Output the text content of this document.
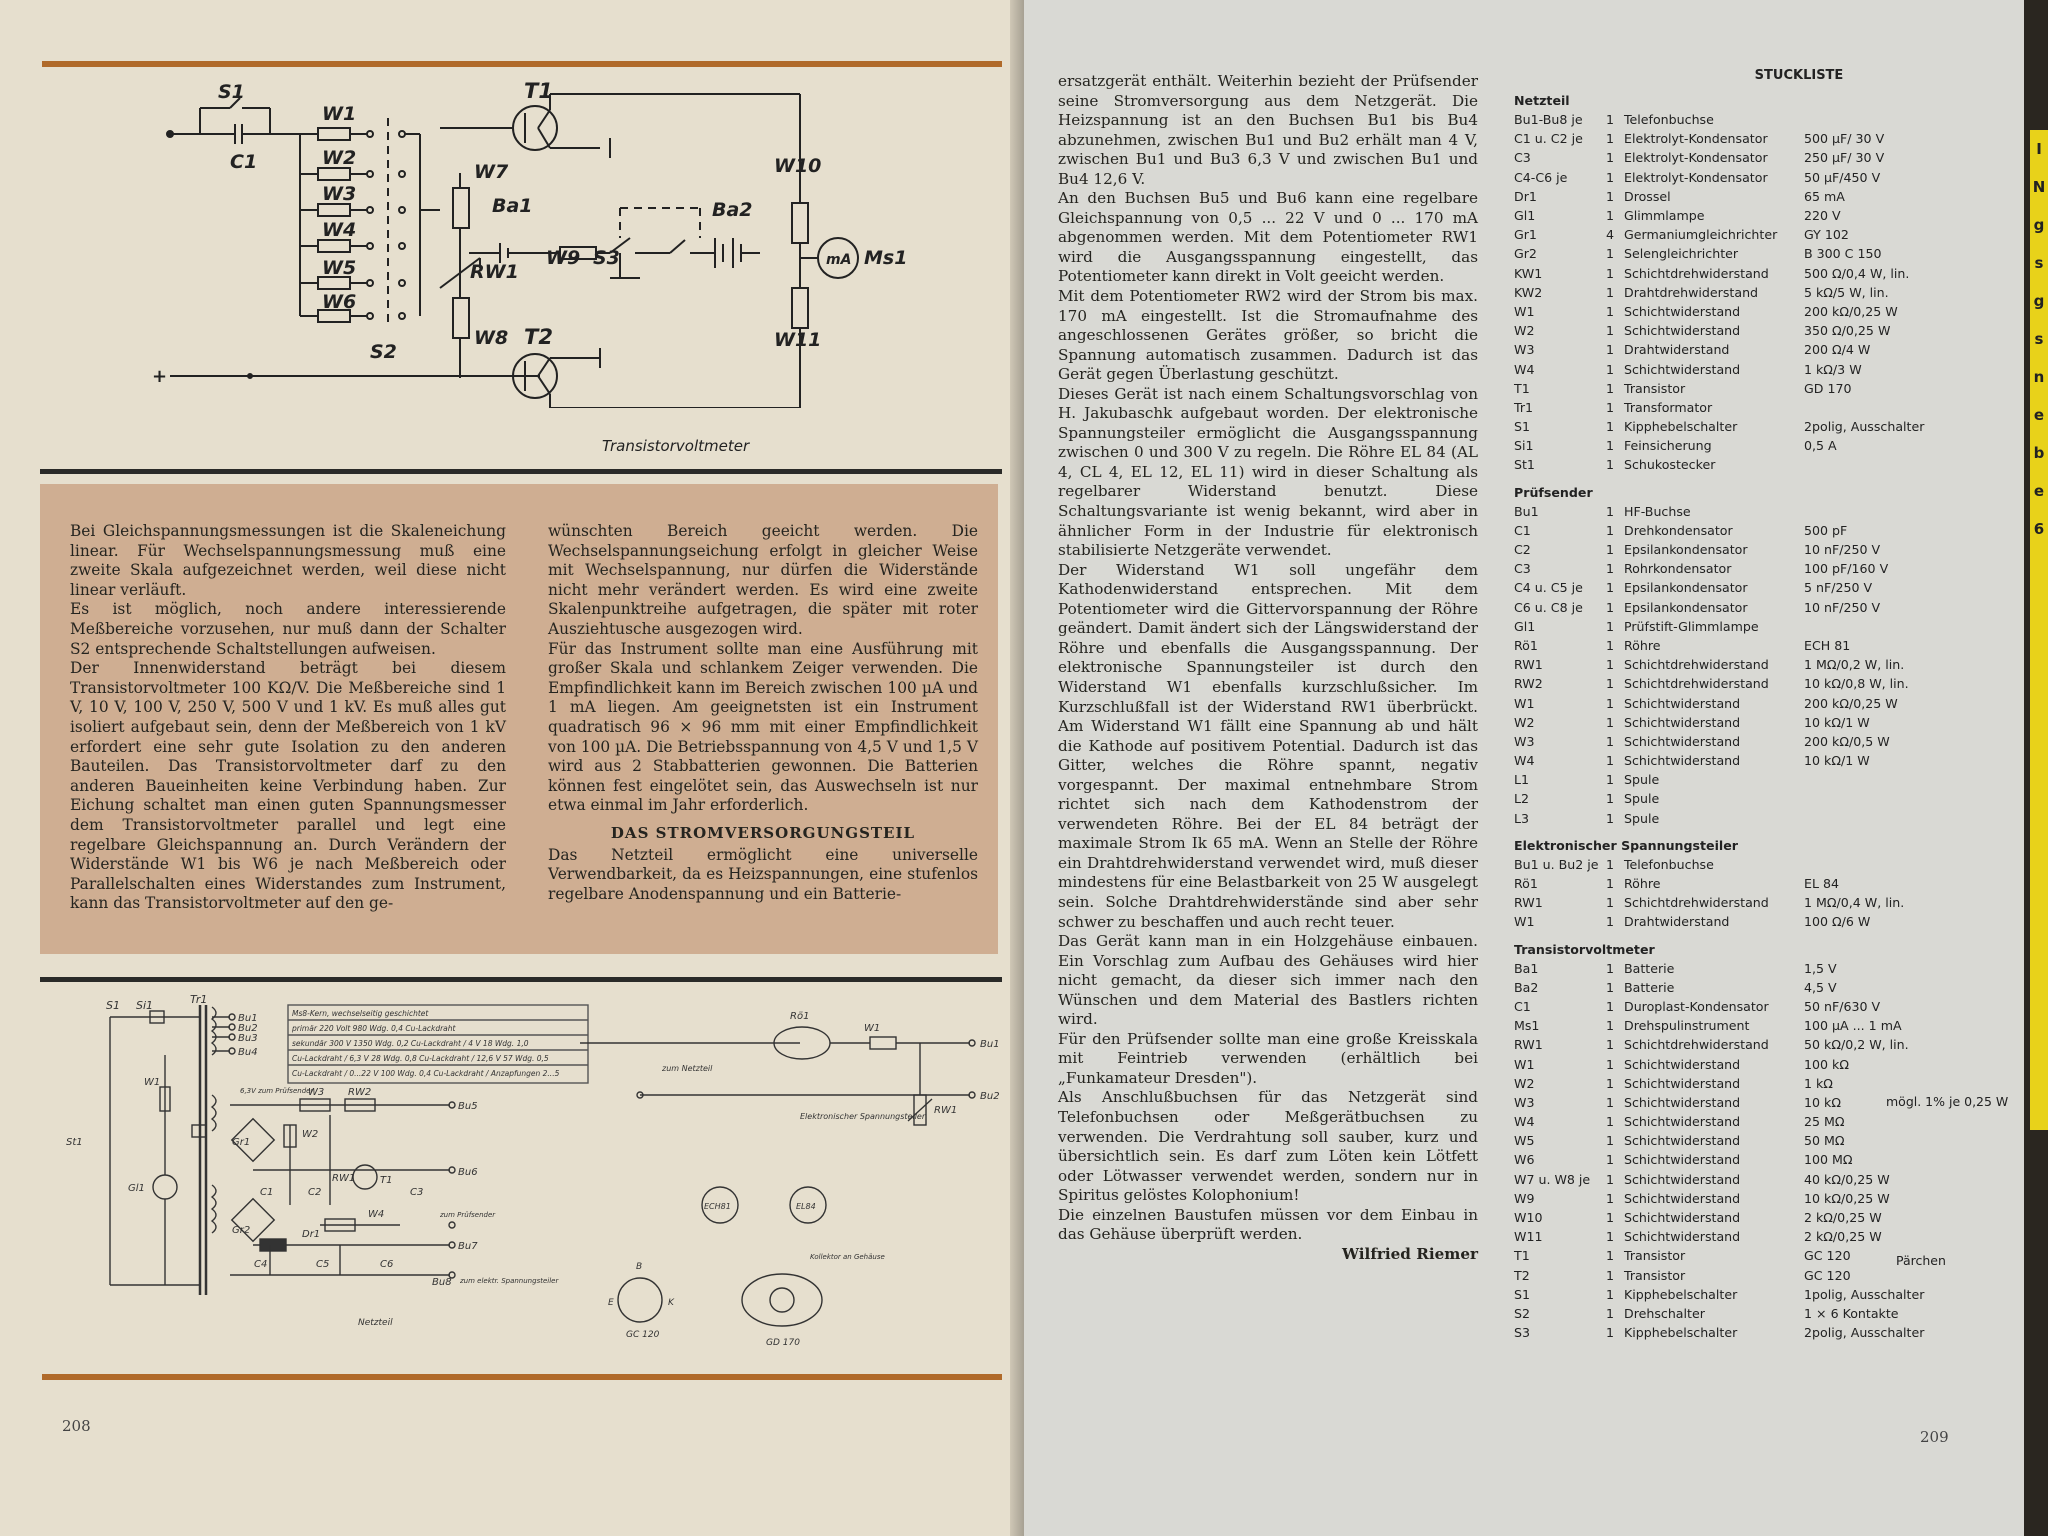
S1
C1
W1
W2
W3
W4
W5
W6
S2
T1
T2
W7
W8
RW1
Ba1
W9 S3
Ba2
W10
W11
mA Ms1
+
Transistorvoltmeter

Bei Gleichspannungsmessungen ist die Skaleneichung linear. Für Wechselspannungsmessung muß eine zweite Skala aufgezeichnet werden, weil diese nicht linear verläuft.

Es ist möglich, noch andere interessierende Meßbereiche vorzusehen, nur muß dann der Schalter S2 entsprechende Schaltstellungen aufweisen.

Der Innenwiderstand beträgt bei diesem Transistorvoltmeter 100 KΩ/V. Die Meßbereiche sind 1 V, 10 V, 100 V, 250 V, 500 V und 1 kV. Es muß alles gut isoliert aufgebaut sein, denn der Meßbereich von 1 kV erfordert eine sehr gute Isolation zu den anderen Bauteilen. Das Transistorvoltmeter darf zu den anderen Baueinheiten keine Verbindung haben. Zur Eichung schaltet man einen guten Spannungsmesser dem Transistorvoltmeter parallel und legt eine regelbare Gleichspannung an. Durch Verändern der Widerstände W1 bis W6 je nach Meßbereich oder Parallelschalten eines Widerstandes zum Instrument, kann das Transistorvoltmeter auf den ge-

wünschten Bereich geeicht werden. Die Wechselspannungseichung erfolgt in gleicher Weise mit Wechselspannung, nur dürfen die Widerstände nicht mehr verändert werden. Es wird eine zweite Skalenpunktreihe aufgetragen, die später mit roter Ausziehtusche ausgezogen wird.

Für das Instrument sollte man eine Ausführung mit großer Skala und schlankem Zeiger verwenden. Die Empfindlichkeit kann im Bereich zwischen 100 µA und 1 mA liegen. Am geeignetsten ist ein Instrument quadratisch 96 × 96 mm mit einer Empfindlichkeit von 100 µA. Die Betriebsspannung von 4,5 V und 1,5 V wird aus 2 Stabbatterien gewonnen. Die Batterien können fest eingelötet sein, das Auswechseln ist nur etwa einmal im Jahr erforderlich.

DAS STROMVERSORGUNGSTEIL

Das Netzteil ermöglicht eine universelle Verwendbarkeit, da es Heizspannungen, eine stufenlos regelbare Anodenspannung und ein Batterie-

Ms8-Kern, wechselseitig geschichtet
primär 220 Volt 980 Wdg. 0,4 Cu-Lackdraht
sekundär 300 V 1350 Wdg. 0,2 Cu-Lackdraht / 4 V 18 Wdg. 1,0
Cu-Lackdraht / 6,3 V 28 Wdg. 0,8 Cu-Lackdraht / 12,6 V 57 Wdg. 0,5
Cu-Lackdraht / 0...22 V 100 Wdg. 0,4 Cu-Lackdraht / Anzapfungen 2...5
S1 Si1	Tr1
Bu1
Bu2
Bu3
Bu4
W1
St1
Gl1
6,3V zum Prüfsender
W3 RW2
Bu5
W2
Gr1
C1	C2
RW1 T1
C3
Bu6
W4	zum Prüfsender
Gr2	Dr1
C4	C5	C6
Bu7
Bu8 zum elektr. Spannungsteiler
Netzteil
Rö1
W1
RW1
Bu1
Bu2
zum Netzteil
Elektronischer Spannungsteiler
ECH81	EL84
GC 120
GD 170
Kollektor an Gehäuse
B
E	K
208

ersatzgerät enthält. Weiterhin bezieht der Prüfsender seine Stromversorgung aus dem Netzgerät. Die Heizspannung ist an den Buchsen Bu1 bis Bu4 abzunehmen, zwischen Bu1 und Bu2 erhält man 4 V, zwischen Bu1 und Bu3 6,3 V und zwischen Bu1 und Bu4 12,6 V.

An den Buchsen Bu5 und Bu6 kann eine regelbare Gleichspannung von 0,5 ... 22 V und 0 ... 170 mA abgenommen werden. Mit dem Potentiometer RW1 wird die Ausgangsspannung eingestellt, das Potentiometer kann direkt in Volt geeicht werden.

Mit dem Potentiometer RW2 wird der Strom bis max. 170 mA eingestellt. Ist die Stromaufnahme des angeschlossenen Gerätes größer, so bricht die Spannung automatisch zusammen. Dadurch ist das Gerät gegen Überlastung geschützt.

Dieses Gerät ist nach einem Schaltungsvorschlag von H. Jakubaschk aufgebaut worden. Der elektronische Spannungsteiler ermöglicht die Ausgangsspannung zwischen 0 und 300 V zu regeln. Die Röhre EL 84 (AL 4, CL 4, EL 12, EL 11) wird in dieser Schaltung als regelbarer Widerstand benutzt. Diese Schaltungsvariante ist wenig bekannt, wird aber in ähnlicher Form in der Industrie für elektronisch stabilisierte Netzgeräte verwendet.

Der Widerstand W1 soll ungefähr dem Kathodenwiderstand entsprechen. Mit dem Potentiometer wird die Gittervorspannung der Röhre geändert. Damit ändert sich der Längswiderstand der Röhre und ebenfalls die Ausgangsspannung. Der elektronische Spannungsteiler ist durch den Widerstand W1 ebenfalls kurzschlußsicher. Im Kurzschlußfall ist der Widerstand RW1 überbrückt. Am Widerstand W1 fällt eine Spannung ab und hält die Kathode auf positivem Potential. Dadurch ist das Gitter, welches die Röhre spannt, negativ vorgespannt. Der maximal entnehmbare Strom richtet sich nach dem Kathodenstrom der verwendeten Röhre. Bei der EL 84 beträgt der maximale Strom Ik 65 mA. Wenn an Stelle der Röhre ein Drahtdrehwiderstand verwendet wird, muß dieser mindestens für eine Belastbarkeit von 25 W ausgelegt sein. Solche Drahtdrehwiderstände sind aber sehr schwer zu beschaffen und auch recht teuer.

Das Gerät kann man in ein Holzgehäuse einbauen. Ein Vorschlag zum Aufbau des Gehäuses wird hier nicht gemacht, da dieser sich immer nach den Wünschen und dem Material des Bastlers richten wird.

Für den Prüfsender sollte man eine große Kreisskala mit Feintrieb verwenden (erhältlich bei „Funkamateur Dresden").

Als Anschlußbuchsen für das Netzgerät sind Telefonbuchsen oder Meßgerätbuchsen zu verwenden. Die Verdrahtung soll sauber, kurz und übersichtlich sein. Es darf zum Löten kein Lötfett oder Lötwasser verwendet werden, sondern nur in Spiritus gelöstes Kolophonium!

Die einzelnen Baustufen müssen vor dem Einbau in das Gehäuse überprüft werden.

Wilfried Riemer

STUCKLISTE
Netzteil
Bu1-Bu8 je	1 Telefonbuchse
C1 u. C2 je	1 Elektrolyt-Kondensator	500 µF/ 30 V
C3	1 Elektrolyt-Kondensator	250 µF/ 30 V
C4-C6 je	1 Elektrolyt-Kondensator	50 µF/450 V
Dr1	1 Drossel	65 mA
Gl1	1 Glimmlampe	220 V
Gr1	4 Germaniumgleichrichter	GY 102
Gr2	1 Selengleichrichter	B 300 C 150
KW1	1 Schichtdrehwiderstand	500 Ω/0,4 W, lin.
KW2	1 Drahtdrehwiderstand	5 kΩ/5 W, lin.
W1	1 Schichtwiderstand	200 kΩ/0,25 W
W2	1 Schichtwiderstand	350 Ω/0,25 W
W3	1 Drahtwiderstand	200 Ω/4 W
W4	1 Schichtwiderstand	1 kΩ/3 W
T1	1 Transistor	GD 170
Tr1	1 Transformator
S1	1 Kipphebelschalter	2polig, Ausschalter
Si1	1 Feinsicherung	0,5 A
St1	1 Schukostecker
Prüfsender
Bu1	1 HF-Buchse
C1	1 Drehkondensator	500 pF
C2	1 Epsilankondensator	10 nF/250 V
C3	1 Rohrkondensator	100 pF/160 V
C4 u. C5 je	1 Epsilankondensator	5 nF/250 V
C6 u. C8 je	1 Epsilankondensator	10 nF/250 V
Gl1	1 Prüfstift-Glimmlampe
Rö1	1 Röhre	ECH 81
RW1	1 Schichtdrehwiderstand	1 MΩ/0,2 W, lin.
RW2	1 Schichtdrehwiderstand	10 kΩ/0,8 W, lin.
W1	1 Schichtwiderstand	200 kΩ/0,25 W
W2	1 Schichtwiderstand	10 kΩ/1 W
W3	1 Schichtwiderstand	200 kΩ/0,5 W
W4	1 Schichtwiderstand	10 kΩ/1 W
L1	1 Spule
L2	1 Spule
L3	1 Spule
Elektronischer Spannungsteiler
Bu1 u. Bu2 je 1 Telefonbuchse
Rö1	1 Röhre	EL 84
RW1	1 Schichtdrehwiderstand	1 MΩ/0,4 W, lin.
W1	1 Drahtwiderstand	100 Ω/6 W
Transistorvoltmeter
Ba1	1 Batterie	1,5 V
Ba2	1 Batterie	4,5 V
C1	1 Duroplast-Kondensator	50 nF/630 V
Ms1	1 Drehspulinstrument	100 µA ... 1 mA
RW1	1 Schichtdrehwiderstand	50 kΩ/0,2 W, lin.
W1	1 Schichtwiderstand	100 kΩ
W2	1 Schichtwiderstand	1 kΩ
W3	1 Schichtwiderstand	10 kΩ	mögl. 1% je 0,25 W
W4	1 Schichtwiderstand	25 MΩ
W5	1 Schichtwiderstand	50 MΩ
W6	1 Schichtwiderstand	100 MΩ
W7 u. W8 je	1 Schichtwiderstand	40 kΩ/0,25 W
W9	1 Schichtwiderstand	10 kΩ/0,25 W
W10	1 Schichtwiderstand	2 kΩ/0,25 W
W11	1 Schichtwiderstand	2 kΩ/0,25 W
T1	1 Transistor	GC 120	Pärchen
T2	1 Transistor	GC 120
S1	1 Kipphebelschalter	1polig, Ausschalter
S2	1 Drehschalter	1 × 6 Kontakte
S3	1 Kipphebelschalter	2polig, Ausschalter
209
I
N
g
s
g
s
n
e
b
e
6
